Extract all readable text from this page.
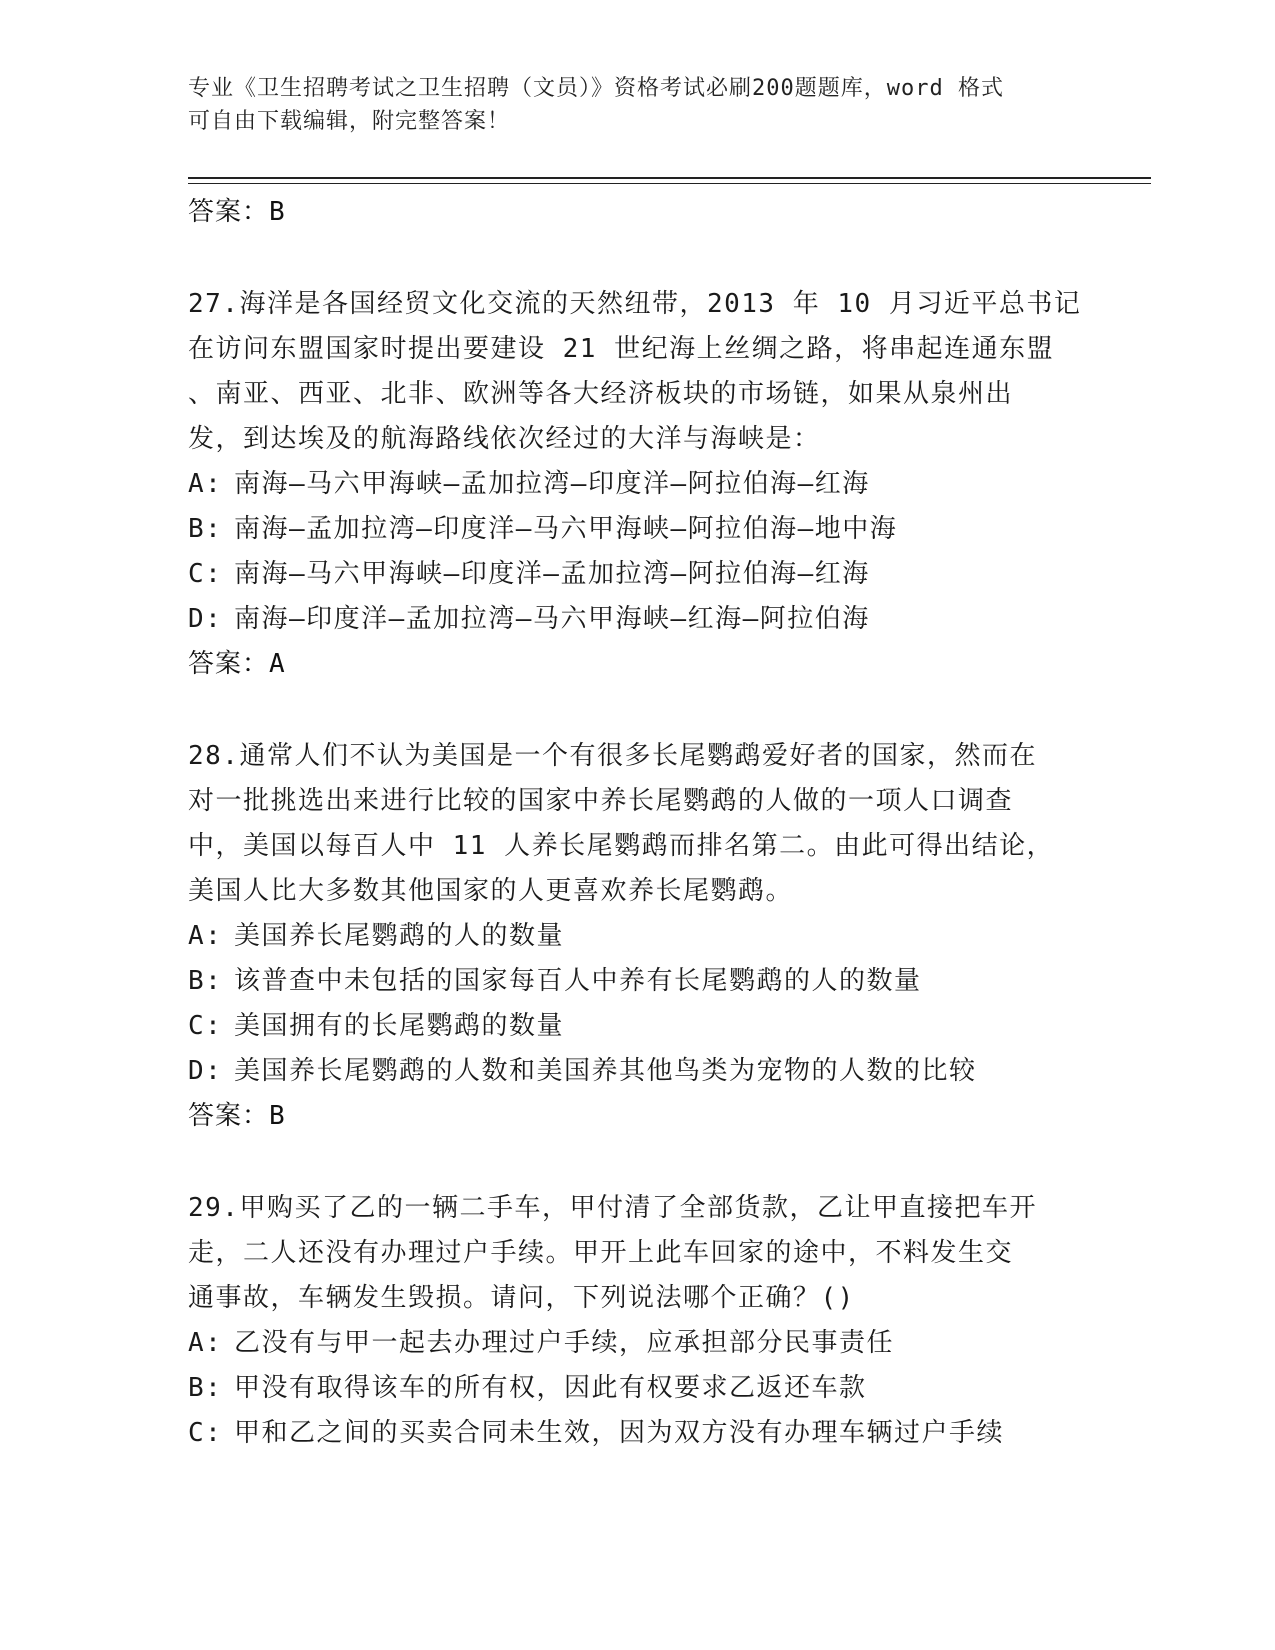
专业《卫生招聘考试之卫生招聘（文员）》资格考试必刷200题题库，word 格式
可自由下载编辑，附完整答案！
答案：B
27.海洋是各国经贸文化交流的天然纽带，2013 年 10 月习近平总书记
在访问东盟国家时提出要建设 21 世纪海上丝绸之路，将串起连通东盟
、南亚、西亚、北非、欧洲等各大经济板块的市场链，如果从泉州出
发，到达埃及的航海路线依次经过的大洋与海峡是：
A: 南海—马六甲海峡—孟加拉湾—印度洋—阿拉伯海—红海
B: 南海—孟加拉湾—印度洋—马六甲海峡—阿拉伯海—地中海
C: 南海—马六甲海峡—印度洋—孟加拉湾—阿拉伯海—红海
D: 南海—印度洋—孟加拉湾—马六甲海峡—红海—阿拉伯海
答案：A
28.通常人们不认为美国是一个有很多长尾鹦鹉爱好者的国家，然而在
对一批挑选出来进行比较的国家中养长尾鹦鹉的人做的一项人口调查
中，美国以每百人中 11 人养长尾鹦鹉而排名第二。由此可得出结论，
美国人比大多数其他国家的人更喜欢养长尾鹦鹉。
A: 美国养长尾鹦鹉的人的数量
B: 该普查中未包括的国家每百人中养有长尾鹦鹉的人的数量
C: 美国拥有的长尾鹦鹉的数量
D: 美国养长尾鹦鹉的人数和美国养其他鸟类为宠物的人数的比较
答案：B
29.甲购买了乙的一辆二手车，甲付清了全部货款，乙让甲直接把车开
走，二人还没有办理过户手续。甲开上此车回家的途中，不料发生交
通事故，车辆发生毁损。请问，下列说法哪个正确？()
A: 乙没有与甲一起去办理过户手续，应承担部分民事责任
B: 甲没有取得该车的所有权，因此有权要求乙返还车款
C: 甲和乙之间的买卖合同未生效，因为双方没有办理车辆过户手续
